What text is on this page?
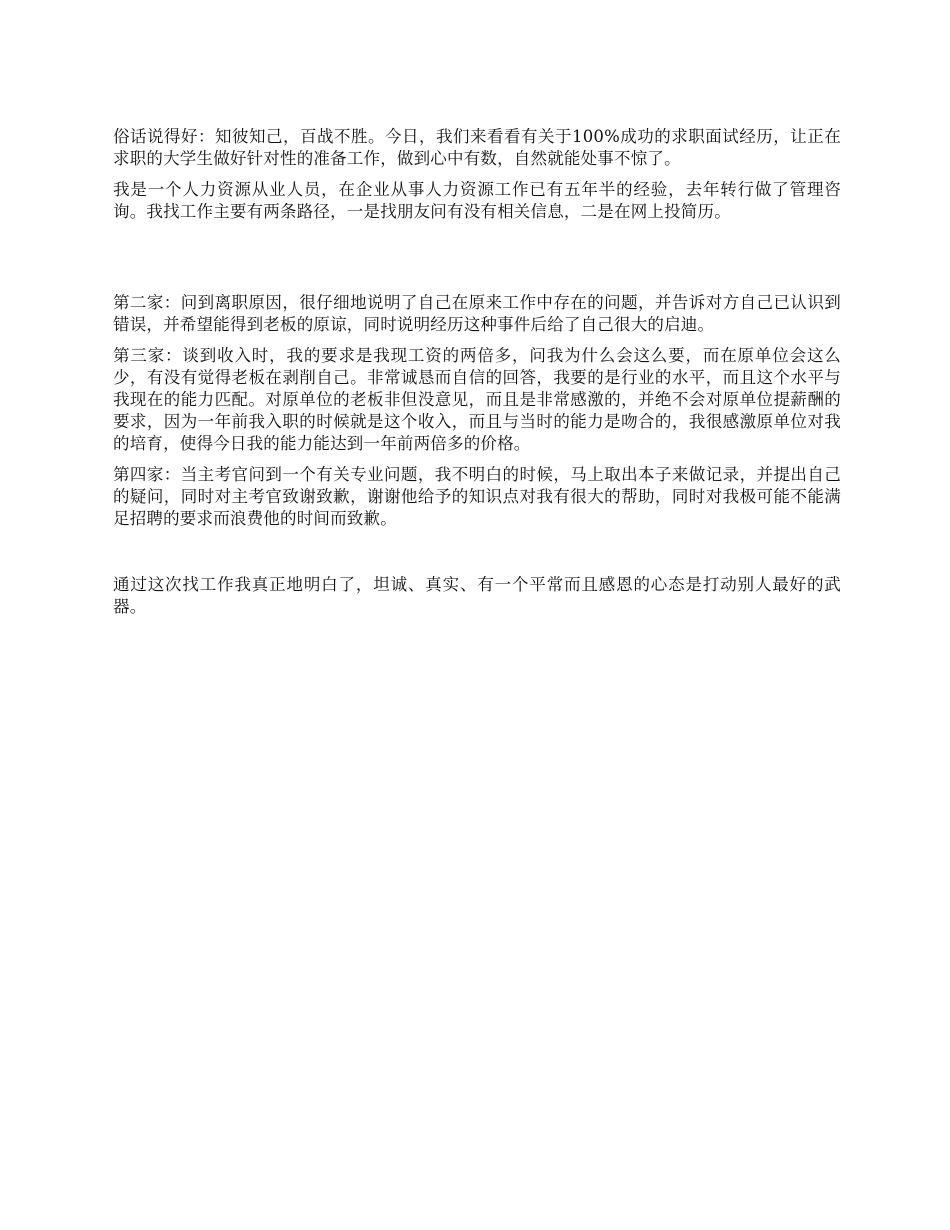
俗话说得好：知彼知己，百战不胜。今日，我们来看看有关于100%成功的求职面试经历，让正在求职的大学生做好针对性的准备工作，做到心中有数，自然就能处事不惊了。

我是一个人力资源从业人员，在企业从事人力资源工作已有五年半的经验，去年转行做了管理咨询。我找工作主要有两条路径，一是找朋友问有没有相关信息，二是在网上投简历。

第二家：问到离职原因，很仔细地说明了自己在原来工作中存在的问题，并告诉对方自己已认识到错误，并希望能得到老板的原谅，同时说明经历这种事件后给了自己很大的启迪。

第三家：谈到收入时，我的要求是我现工资的两倍多，问我为什么会这么要，而在原单位会这么少，有没有觉得老板在剥削自己。非常诚恳而自信的回答，我要的是行业的水平，而且这个水平与我现在的能力匹配。对原单位的老板非但没意见，而且是非常感激的，并绝不会对原单位提薪酬的要求，因为一年前我入职的时候就是这个收入，而且与当时的能力是吻合的，我很感激原单位对我的培育，使得今日我的能力能达到一年前两倍多的价格。

第四家：当主考官问到一个有关专业问题，我不明白的时候，马上取出本子来做记录，并提出自己的疑问，同时对主考官致谢致歉，谢谢他给予的知识点对我有很大的帮助，同时对我极可能不能满足招聘的要求而浪费他的时间而致歉。

通过这次找工作我真正地明白了，坦诚、真实、有一个平常而且感恩的心态是打动别人最好的武器。
